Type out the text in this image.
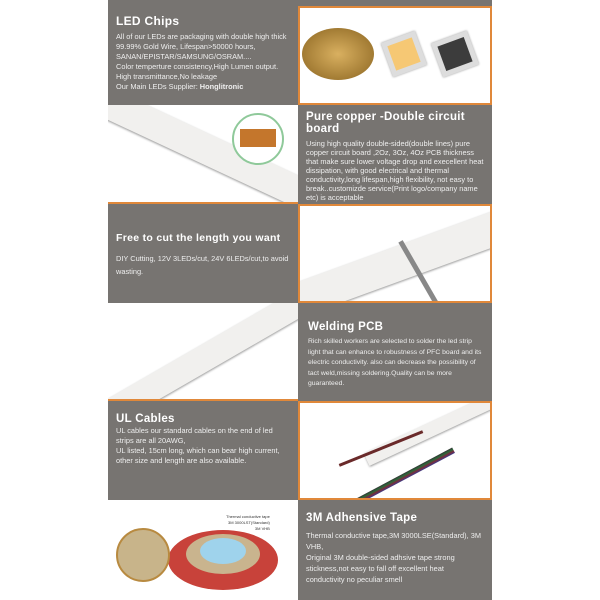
LED Chips

All of our LEDs are packaging with double high thick 99.99% Gold Wire, Lifespan>50000 hours,

SANAN/EPISTAR/SAMSUNG/OSRAM....

Color temperture consistency,High Lumen output.

High transmittance,No leakage

Our Main LEDs Supplier: Honglitronic

Pure copper -Double circuit board

Using high quality double-sided(double lines) pure copper circuit board ,2Oz, 3Oz, 4Oz PCB thickness that make sure lower voltage drop and execellent heat dissipation, with good electrical and thermal conductivity,long lifespan,high flexibility, not easy to break..customizde service(Print logo/company name etc) is acceptable

Free to cut the length you want

DIY Cutting, 12V 3LEDs/cut, 24V 6LEDs/cut,to avoid wasting.

Welding PCB

Rich skilled workers are selected to solder the led strip light that can enhance to robustness of PFC board and its electric conductivity. also can decrease the possibility of tact weld,missing soldering.Quality can be more guaranteed.

UL Cables

UL cables our standard cables on the end of led strips are all 20AWG,

UL listed, 15cm long, which can bear high current, other size and length are also available.

Thermal conductive tape
3M 3000LST(Standard)
3M VHB
3M Adhensive Tape

Thermal conductive tape,3M 3000LSE(Standard), 3M VHB,

Original 3M double-sided adhsive tape strong stickness,not easy to fall off excellent heat conductivity no peculiar smell
